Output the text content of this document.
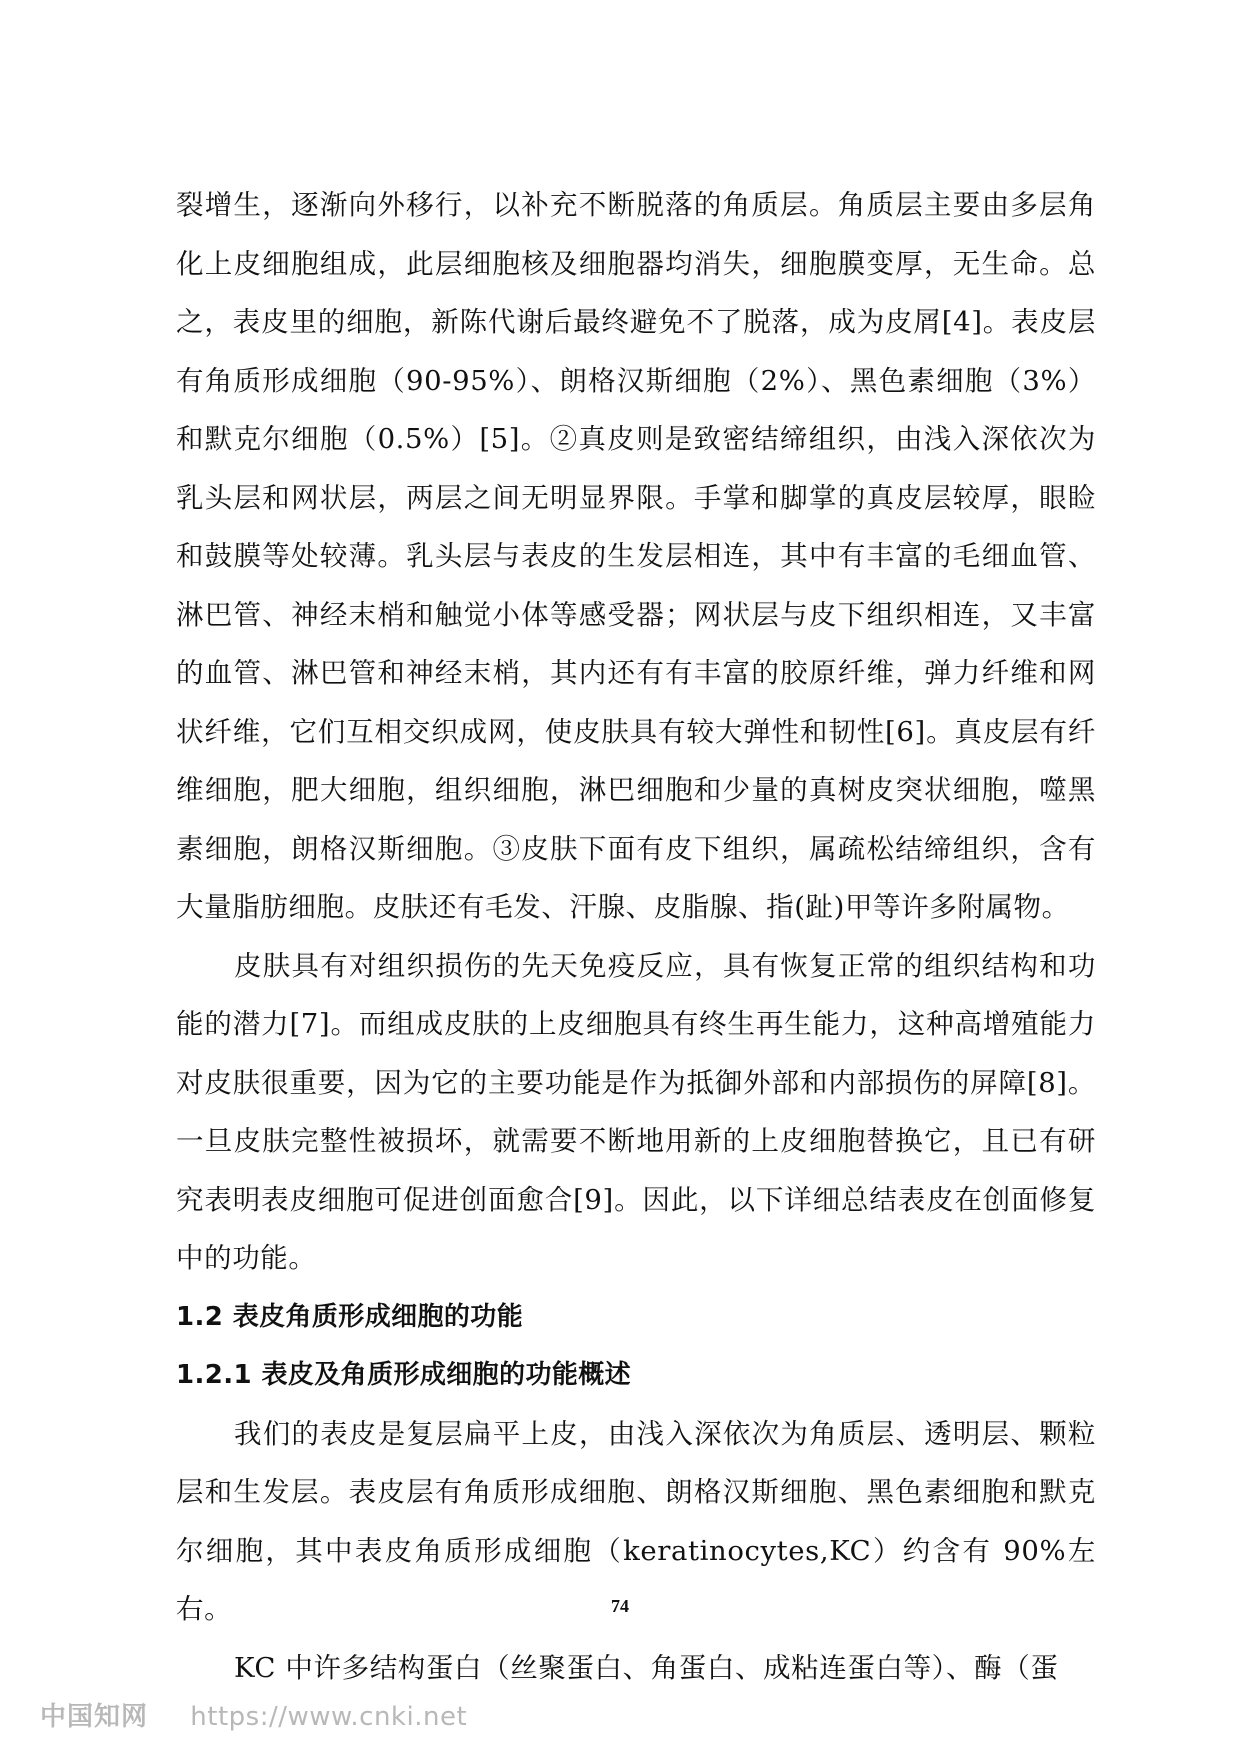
裂增生，逐渐向外移行，以补充不断脱落的角质层。角质层主要由多层角化上皮细胞组成，此层细胞核及细胞器均消失，细胞膜变厚，无生命。总之，表皮里的细胞，新陈代谢后最终避免不了脱落，成为皮屑[4]。表皮层有角质形成细胞（90-95%）、朗格汉斯细胞（2%）、黑色素细胞（3%）和默克尔细胞（0.5%）[5]。②真皮则是致密结缔组织，由浅入深依次为乳头层和网状层，两层之间无明显界限。手掌和脚掌的真皮层较厚，眼睑和鼓膜等处较薄。乳头层与表皮的生发层相连，其中有丰富的毛细血管、淋巴管、神经末梢和触觉小体等感受器；网状层与皮下组织相连，又丰富的血管、淋巴管和神经末梢，其内还有有丰富的胶原纤维，弹力纤维和网状纤维，它们互相交织成网，使皮肤具有较大弹性和韧性[6]。真皮层有纤维细胞，肥大细胞，组织细胞，淋巴细胞和少量的真树皮突状细胞，噬黑素细胞，朗格汉斯细胞。③皮肤下面有皮下组织，属疏松结缔组织，含有大量脂肪细胞。皮肤还有毛发、汗腺、皮脂腺、指(趾)甲等许多附属物。

皮肤具有对组织损伤的先天免疫反应，具有恢复正常的组织结构和功能的潜力[7]。而组成皮肤的上皮细胞具有终生再生能力，这种高增殖能力对皮肤很重要，因为它的主要功能是作为抵御外部和内部损伤的屏障[8]。一旦皮肤完整性被损坏，就需要不断地用新的上皮细胞替换它，且已有研究表明表皮细胞可促进创面愈合[9]。因此，以下详细总结表皮在创面修复中的功能。

1.2 表皮角质形成细胞的功能
1.2.1 表皮及角质形成细胞的功能概述

我们的表皮是复层扁平上皮，由浅入深依次为角质层、透明层、颗粒层和生发层。表皮层有角质形成细胞、朗格汉斯细胞、黑色素细胞和默克尔细胞，其中表皮角质形成细胞（keratinocytes,KC）约含有 90%左右。

KC 中许多结构蛋白（丝聚蛋白、角蛋白、成粘连蛋白等）、酶（蛋

74
中国知网 https://www.cnki.net
